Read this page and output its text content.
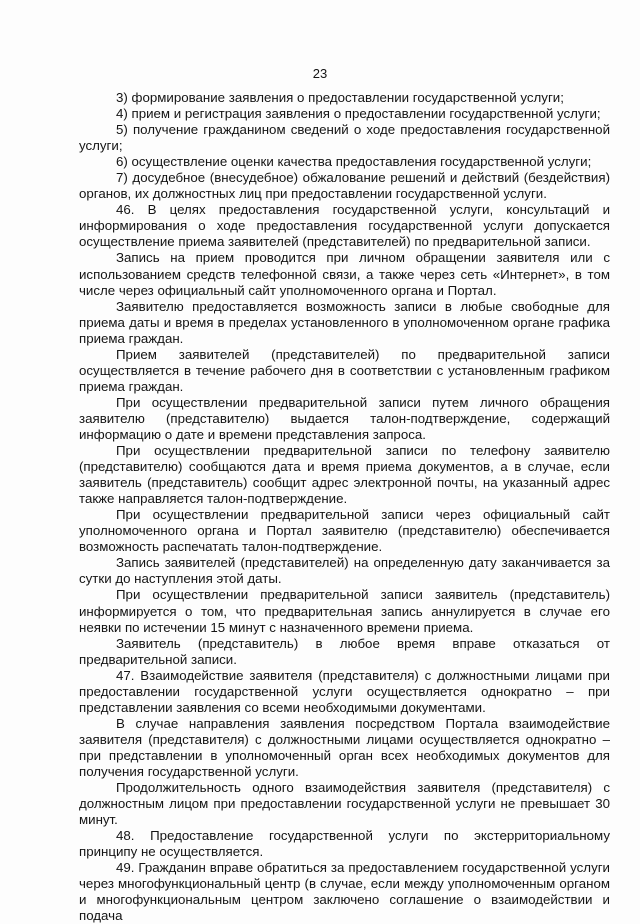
23

3) формирование заявления о предоставлении государственной услуги;

4) прием и регистрация заявления о предоставлении государственной услуги;

5) получение гражданином сведений о ходе предоставления государственной услуги;

6) осуществление оценки качества предоставления государственной услуги;

7) досудебное (внесудебное) обжалование решений и действий (бездействия) органов, их должностных лиц при предоставлении государственной услуги.

46. В целях предоставления государственной услуги, консультаций и информирования о ходе предоставления государственной услуги допускается осуществление приема заявителей (представителей) по предварительной записи.

Запись на прием проводится при личном обращении заявителя или с использованием средств телефонной связи, а также через сеть «Интернет», в том числе через официальный сайт уполномоченного органа и Портал.

Заявителю предоставляется возможность записи в любые свободные для приема даты и время в пределах установленного в уполномоченном органе графика приема граждан.

Прием заявителей (представителей) по предварительной записи осуществляется в течение рабочего дня в соответствии с установленным графиком приема граждан.

При осуществлении предварительной записи путем личного обращения заявителю (представителю) выдается талон-подтверждение, содержащий информацию о дате и времени представления запроса.

При осуществлении предварительной записи по телефону заявителю (представителю) сообщаются дата и время приема документов, а в случае, если заявитель (представитель) сообщит адрес электронной почты, на указанный адрес также направляется талон-подтверждение.

При осуществлении предварительной записи через официальный сайт уполномоченного органа и Портал заявителю (представителю) обеспечивается возможность распечатать талон-подтверждение.

Запись заявителей (представителей) на определенную дату заканчивается за сутки до наступления этой даты.

При осуществлении предварительной записи заявитель (представитель) информируется о том, что предварительная запись аннулируется в случае его неявки по истечении 15 минут с назначенного времени приема.

Заявитель (представитель) в любое время вправе отказаться от предварительной записи.

47. Взаимодействие заявителя (представителя) с должностными лицами при предоставлении государственной услуги осуществляется однократно – при представлении заявления со всеми необходимыми документами.

В случае направления заявления посредством Портала взаимодействие заявителя (представителя) с должностными лицами осуществляется однократно – при представлении в уполномоченный орган всех необходимых документов для получения государственной услуги.

Продолжительность одного взаимодействия заявителя (представителя) с должностным лицом при предоставлении государственной услуги не превышает 30 минут.

48. Предоставление государственной услуги по экстерриториальному принципу не осуществляется.

49. Гражданин вправе обратиться за предоставлением государственной услуги через многофункциональный центр (в случае, если между уполномоченным органом и многофункциональным центром заключено соглашение о взаимодействии и подача
